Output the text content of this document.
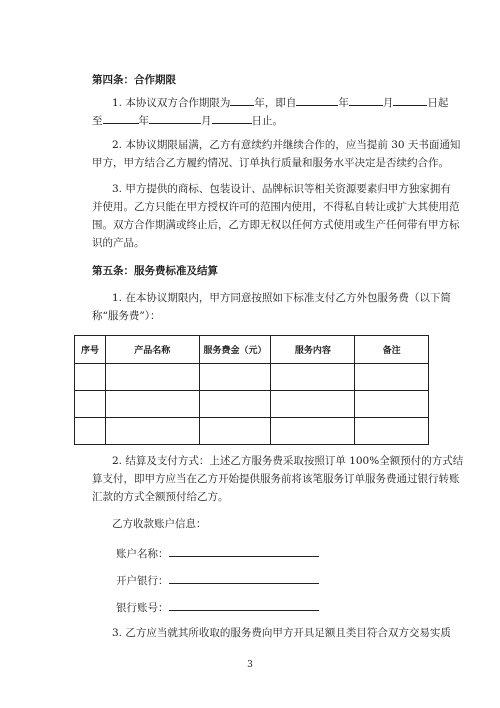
第四条：合作期限
1. 本协议双方合作期限为 年，即自	年	月	日起
至	年	月	日止。
2. 本协议期限届满，乙方有意续约并继续合作的，应当提前 30 天书面通知
甲方，甲方结合乙方履约情况、订单执行质量和服务水平决定是否续约合作。
3. 甲方提供的商标、包装设计、品牌标识等相关资源要素归甲方独家拥有
并使用。乙方只能在甲方授权许可的范围内使用，不得私自转让或扩大其使用范
围。双方合作期满或终止后，乙方即无权以任何方式使用或生产任何带有甲方标
识的产品。
第五条：服务费标准及结算
1. 在本协议期限内，甲方同意按照如下标准支付乙方外包服务费（以下简
称“服务费”）：
序号	产品名称	服务费金（元）	服务内容	备注

2. 结算及支付方式：上述乙方服务费采取按照订单 100%全额预付的方式结
算支付，即甲方应当在乙方开始提供服务前将该笔服务订单服务费通过银行转账
汇款的方式全额预付给乙方。
乙方收款账户信息：
账户名称：
开户银行：
银行账号：
3. 乙方应当就其所收取的服务费向甲方开具足额且类目符合双方交易实质
3
